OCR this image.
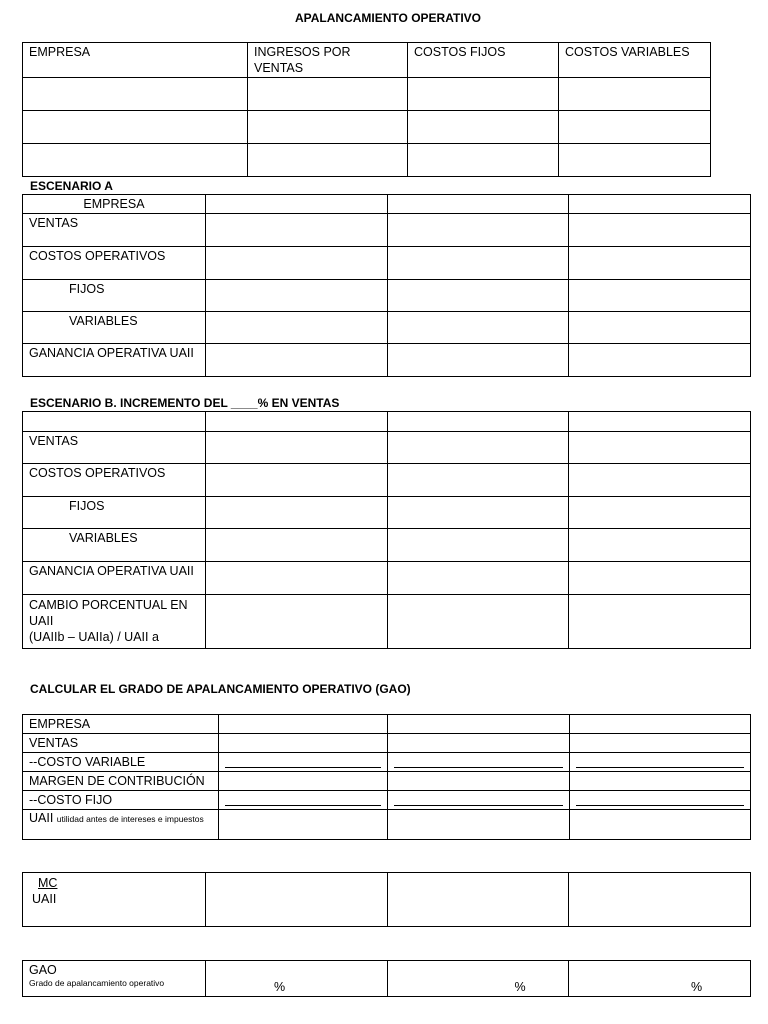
APALANCAMIENTO OPERATIVO
EMPRESA	INGRESOS POR VENTAS	COSTOS FIJOS	COSTOS VARIABLES

ESCENARIO A
EMPRESA			
VENTAS			
COSTOS OPERATIVOS			
FIJOS			
VARIABLES			
GANANCIA OPERATIVA UAII			
ESCENARIO B. INCREMENTO DEL ____% EN VENTAS

VENTAS			
COSTOS OPERATIVOS			
FIJOS			
VARIABLES			
GANANCIA OPERATIVA UAII			

CAMBIO PORCENTUAL EN
UAII
(UAIIb – UAIIa) / UAII a			

CALCULAR EL GRADO DE APALANCAMIENTO OPERATIVO (GAO)
EMPRESA			
VENTAS			
--COSTO VARIABLE	

MARGEN DE CONTRIBUCIÓN			
--COSTO FIJO	

UAII utilidad antes de intereses e impuestos			
MC
UAII

GAO
Grado de apalancamiento operativo	%	%	%
